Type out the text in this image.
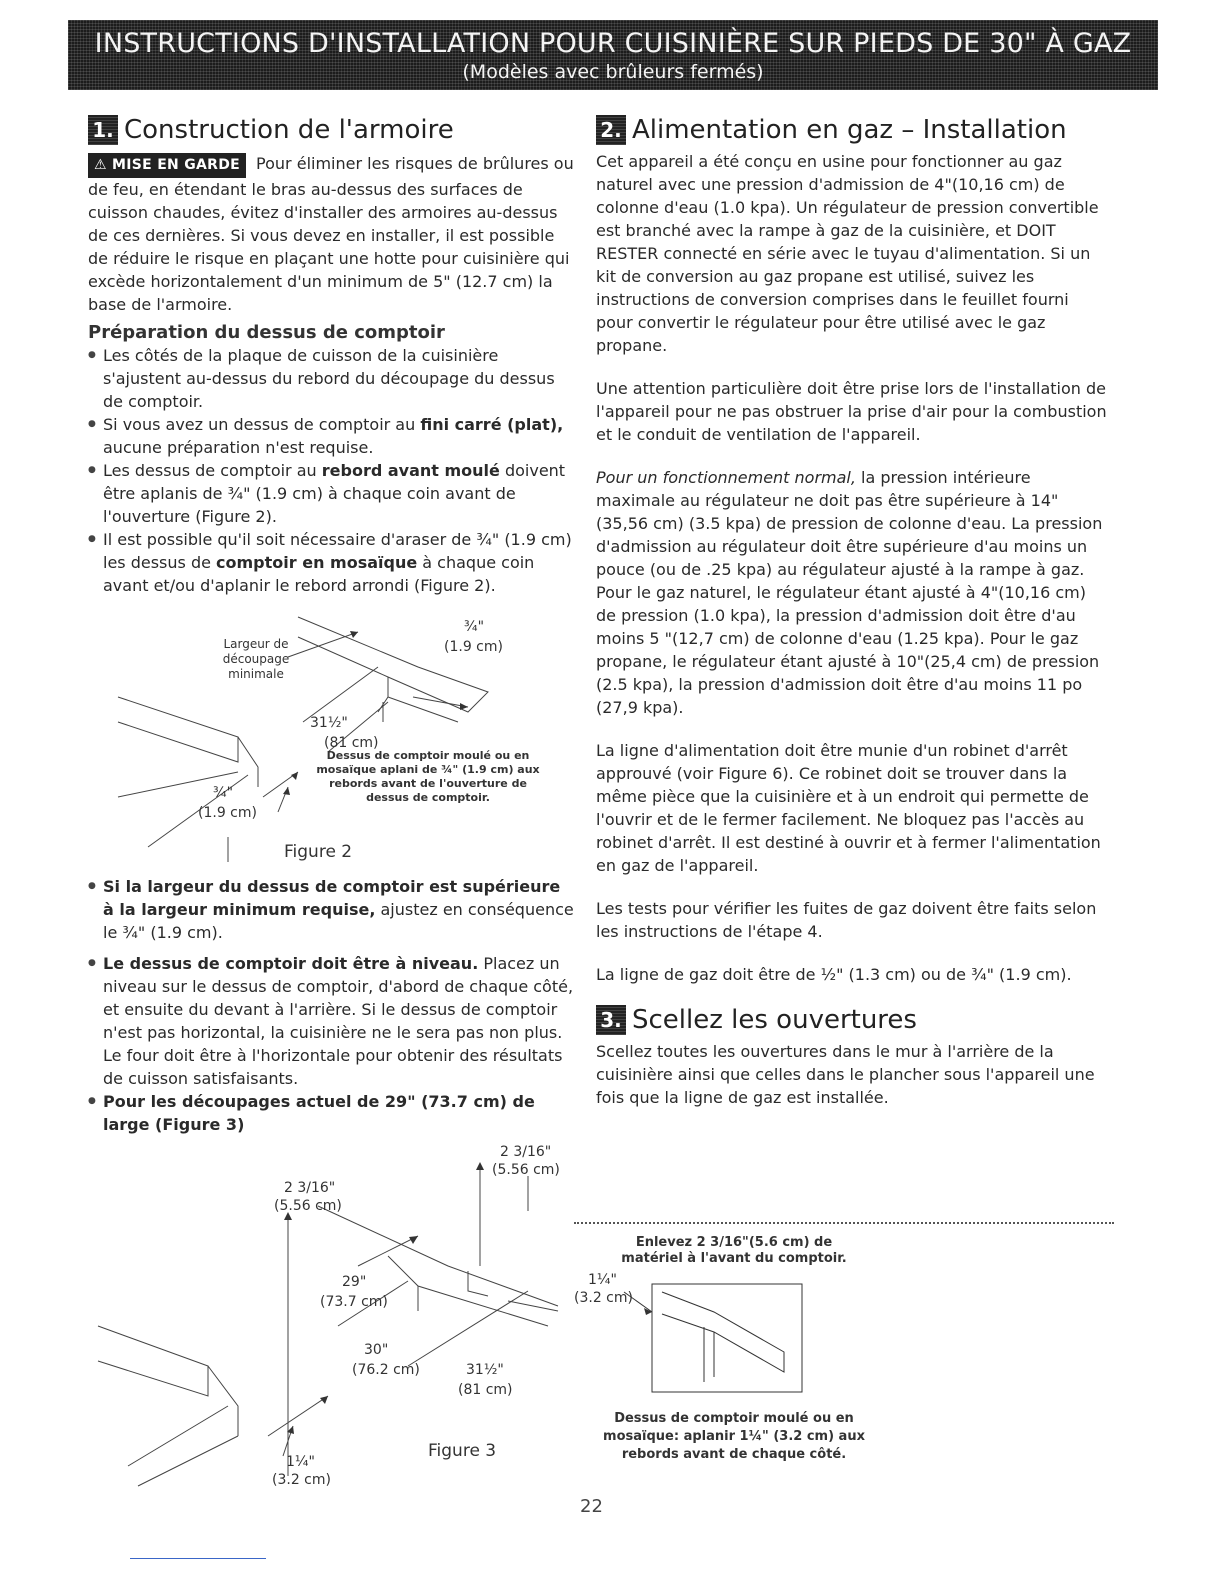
INSTRUCTIONS D'INSTALLATION POUR CUISINIÈRE SUR PIEDS DE 30" À GAZ
(Modèles avec brûleurs fermés)
1. Construction de l'armoire

⚠ MISE EN GARDE Pour éliminer les risques de brûlures ou de feu, en étendant le bras au-dessus des surfaces de cuisson chaudes, évitez d'installer des armoires au-dessus de ces dernières. Si vous devez en installer, il est possible de réduire le risque en plaçant une hotte pour cuisinière qui excède horizontalement d'un minimum de 5" (12.7 cm) la base de l'armoire.

Préparation du dessus de comptoir
● Les côtés de la plaque de cuisson de la cuisinière s'ajustent au-dessus du rebord du découpage du dessus de comptoir.
● Si vous avez un dessus de comptoir au fini carré (plat), aucune préparation n'est requise.
● Les dessus de comptoir au rebord avant moulé doivent être aplanis de ¾" (1.9 cm) à chaque coin avant de l'ouverture (Figure 2).
● Il est possible qu'il soit nécessaire d'araser de ¾" (1.9 cm) les dessus de comptoir en mosaïque à chaque coin avant et/ou d'aplanir le rebord arrondi (Figure 2).
Largeur de
découpage
minimale
¾"
(1.9 cm)
31½"
(81 cm)
¾"
(1.9 cm)
Dessus de comptoir moulé ou en
mosaïque aplani de ¾" (1.9 cm) aux
rebords avant de l'ouverture de
dessus de comptoir.
Figure 2
● Si la largeur du dessus de comptoir est supérieure à la largeur minimum requise, ajustez en conséquence le ¾" (1.9 cm).
● Le dessus de comptoir doit être à niveau. Placez un niveau sur le dessus de comptoir, d'abord de chaque côté, et ensuite du devant à l'arrière. Si le dessus de comptoir n'est pas horizontal, la cuisinière ne le sera pas non plus. Le four doit être à l'horizontale pour obtenir des résultats de cuisson satisfaisants.
● Pour les découpages actuel de 29" (73.7 cm) de large (Figure 3)
2 3/16"
(5.56 cm)
2 3/16"
(5.56 cm)
29"
(73.7 cm)
30"
(76.2 cm)	31½"
(81 cm)
1¼"
(3.2 cm)
Figure 3
2. Alimentation en gaz – Installation

Cet appareil a été conçu en usine pour fonctionner au gaz naturel avec une pression d'admission de 4"(10,16 cm) de colonne d'eau (1.0 kpa). Un régulateur de pression convertible est branché avec la rampe à gaz de la cuisinière, et DOIT RESTER connecté en série avec le tuyau d'alimentation. Si un kit de conversion au gaz propane est utilisé, suivez les instructions de conversion comprises dans le feuillet fourni pour convertir le régulateur pour être utilisé avec le gaz propane.

Une attention particulière doit être prise lors de l'installation de l'appareil pour ne pas obstruer la prise d'air pour la combustion et le conduit de ventilation de l'appareil.

Pour un fonctionnement normal, la pression intérieure maximale au régulateur ne doit pas être supérieure à 14"(35,56 cm) (3.5 kpa) de pression de colonne d'eau. La pression d'admission au régulateur doit être supérieure d'au moins un pouce (ou de .25 kpa) au régulateur ajusté à la rampe à gaz. Pour le gaz naturel, le régulateur étant ajusté à 4"(10,16 cm) de pression (1.0 kpa), la pression d'admission doit être d'au moins 5 "(12,7 cm) de colonne d'eau (1.25 kpa). Pour le gaz propane, le régulateur étant ajusté à 10"(25,4 cm) de pression (2.5 kpa), la pression d'admission doit être d'au moins 11 po (27,9 kpa).

La ligne d'alimentation doit être munie d'un robinet d'arrêt approuvé (voir Figure 6). Ce robinet doit se trouver dans la même pièce que la cuisinière et à un endroit qui permette de l'ouvrir et de le fermer facilement. Ne bloquez pas l'accès au robinet d'arrêt. Il est destiné à ouvrir et à fermer l'alimentation en gaz de l'appareil.

Les tests pour vérifier les fuites de gaz doivent être faits selon les instructions de l'étape 4.

La ligne de gaz doit être de ½" (1.3 cm) ou de ¾" (1.9 cm).

3. Scellez les ouvertures

Scellez toutes les ouvertures dans le mur à l'arrière de la cuisinière ainsi que celles dans le plancher sous l'appareil une fois que la ligne de gaz est installée.

Enlevez 2 3/16"(5.6 cm) de
matériel à l'avant du comptoir.
1¼"
(3.2 cm)
Dessus de comptoir moulé ou en
mosaïque: aplanir 1¼" (3.2 cm) aux
rebords avant de chaque côté.
22
